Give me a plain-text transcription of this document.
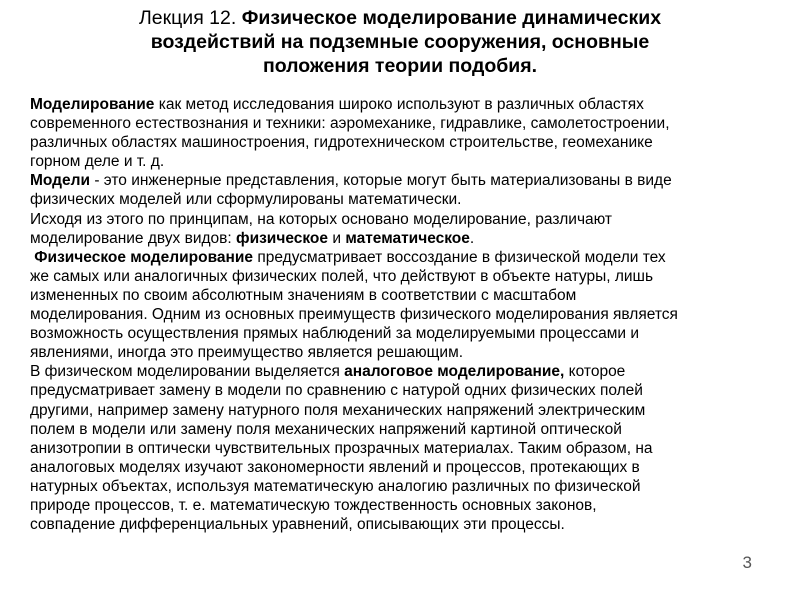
Лекция 12. Физическое моделирование динамических
воздействий на подземные сооружения, основные
положения теории подобия.

Моделирование как метод исследования широко используют в различных областях

современного естествознания и техники: аэромеханике, гидравлике, самолетостроении,

различных областях машиностроения, гидротехническом строительстве, геомеханике

горном деле и т. д.

Модели - это инженерные представления, которые могут быть материализованы в виде

физических моделей или сформулированы математически.

Исходя из этого по принципам, на которых основано моделирование, различают

моделирование двух видов: физическое и математическое.

Физическое моделирование предусматривает воссоздание в физической модели тех

же самых или аналогичных физических полей, что действуют в объекте натуры, лишь

измененных по своим абсолютным значениям в соответствии с масштабом

моделирования. Одним из основных преимуществ физического моделирования является

возможность осуществления прямых наблюдений за моделируемыми процессами и

явлениями, иногда это преимущество является решающим.

В физическом моделировании выделяется аналоговое моделирование, которое

предусматривает замену в модели по сравнению с натурой одних физических полей

другими, например замену натурного поля механических напряжений электрическим

полем в модели или замену поля механических напряжений картиной оптической

анизотропии в оптически чувствительных прозрачных материалах. Таким образом, на

аналоговых моделях изучают закономерности явлений и процессов, протекающих в

натурных объектах, используя математическую аналогию различных по физической

природе процессов, т. е. математическую тождественность основных законов,

совпадение дифференциальных уравнений, описывающих эти процессы.

3
